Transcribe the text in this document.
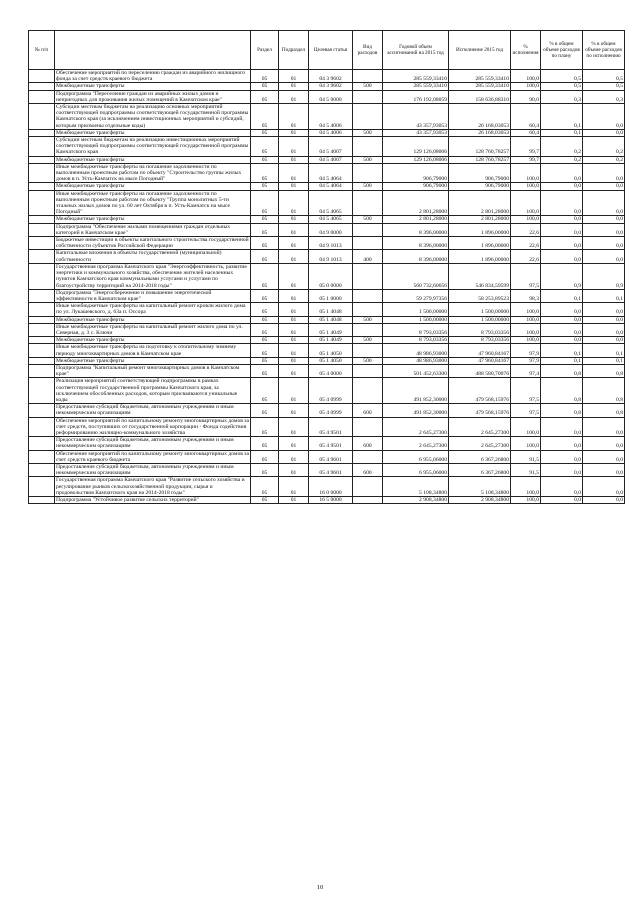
№ п/п		Раздел	Подраздел	Целевая статья	Вид расходов	Годовой объем ассигнований на 2015 год	Исполнение 2015 год	% исполнения	% в общем объеме расходов по плану	% в общем объеме расходов по исполнению
	Обеспечение мероприятий по переселению граждан из аварийного жилищного фонда за счет средств краевого бюджета	05	01	04 3 9602		285 559,33410	285 559,33410	100,0	0,5	0,5
	Межбюджетные трансферты	05	01	04 3 9602	500	285 559,33410	285 559,33410	100,0	0,5	0,5
	Подпрограмма "Переселение граждан из аварийных жилых домов и непригодных для проживания жилых помещений в Камчатском крае"	05	01	04 5 0000		176 192,08059	158 636,88310	90,0	0,3	0,3
	Субсидии местным бюджетам на реализацию основных мероприятий соответствующей подпрограммы соответствующей государственной программы Камчатского края (за исключением инвестиционных мероприятий и субсидий, которым присвоены отдельные коды)	05	01	04 5 4006		43 357,93053	26 168,03053	60,4	0,1	0,0
	Межбюджетные трансферты	05	01	04 5 4006	500	43 357,93053	26 168,03053	60,4	0,1	0,0
	Субсидии местным бюджетам на реализацию инвестиционных мероприятий соответствующей подпрограммы соответствующей государственной программы Камчатского края	05	01	04 5 4007		129 126,08006	128 760,78257	99,7	0,2	0,2
	Межбюджетные трансферты	05	01	04 5 4007	500	129 126,08006	128 760,78257	99,7	0,2	0,2
	Иные межбюджетные трансферты на погашение задолженности по выполненным проектным работам по объекту "Строительство группы жилых домов в п. Усть-Камчатск на мысе Погодный"	05	01	04 5 4064		906,79000	906,79000	100,0	0,0	0,0
	Межбюджетные трансферты	05	01	04 5 4064	500	906,79000	906,79000	100,0	0,0	0,0
	Иные межбюджетные трансферты на погашение задолженности по выполненным проектным работам по объекту "Группа монолитных 5-ти этажных жилых домов по ул. 60 лет Октября в п. Усть-Камчатск на мысе Погодный"	05	01	04 5 4065		2 801,28000	2 801,28000	100,0	0,0	0,0
	Межбюджетные трансферты	05	01	04 5 4065	500	2 801,28000	2 801,28000	100,0	0,0	0,0
	Подпрограмма "Обеспечение жилыми помещениями граждан отдельных категорий в Камчатском крае"	05	01	04 9 0000		8 396,00000	1 896,00000	22,6	0,0	0,0
	Бюджетные инвестиции в объекты капитального строительства государственной собственности субъектов Российской Федерации	05	01	04 9 1013		8 396,00000	1 896,00000	22,6	0,0	0,0
	Капитальные вложения в объекты государственной (муниципальной) собственности	05	01	04 9 1013	400	8 396,00000	1 896,00000	22,6	0,0	0,0
	Государственная программа Камчатского края "Энергоэффективность, развитие энергетики и коммунального хозяйства, обеспечение жителей населенных пунктов Камчатского края коммунальными услугами и услугами по благоустройству территорий на 2014-2018 годы"	05	01	05 0 0000		560 732,60656	546 834,59599	97,5	0,9	0,9
	Подпрограмма "Энергосбережение и повышение энергетической эффективности в Камчатском крае"	05	01	05 1 0000		59 279,97356	58 253,89523	98,3	0,1	0,1
	Иные межбюджетные трансферты на капитальный ремонт кровли жилого дома по ул. Лукашевского, д. 63а п. Оссора	05	01	05 1 4048		1 500,00000	1 500,00000	100,0	0,0	0,0
	Межбюджетные трансферты	05	01	05 1 4048	500	1 500,00000	1 500,00000	100,0	0,0	0,0
	Иные межбюджетные трансферты на капитальный ремонт жилого дома по ул. Северная, д. 3 с. Ключи	05	01	05 1 4049		8 793,03356	8 793,03356	100,0	0,0	0,0
	Межбюджетные трансферты	05	01	05 1 4049	500	8 793,03356	8 793,03356	100,0	0,0	0,0
	Иные межбюджетные трансферты на подготовку к отопительному зимнему периоду многоквартирных домов в Камчатском крае	05	01	05 1 4050		48 986,93000	47 960,84167	97,9	0,1	0,1
	Межбюджетные трансферты	05	01	05 1 4050	500	48 986,93000	47 960,84167	97,9	0,1	0,1
	Подпрограмма "Капитальный ремонт многоквартирных домов в Камчатском крае"	05	01	05 4 0000		501 452,63300	488 580,70076	97,4	0,8	0,8
	Реализация мероприятий соответствующей подпрограммы в рамках соответствующей государственной программы Камчатского края, за исключением обособленных расходов, которым присваиваются уникальные коды	05	01	05 4 0999		491 852,30000	479 568,15976	97,5	0,8	0,8
	Предоставление субсидий бюджетным, автономным учреждениям и иным некоммерческим организациям	05	01	05 4 0999	600	491 852,30000	479 568,15976	97,5	0,8	0,8
	Обеспечение мероприятий по капитальному ремонту многоквартирных домов за счет средств, поступивших от государственной корпорации - Фонда содействия реформированию жилищно-коммунального хозяйства	05	01	05 4 9501		2 645,27300	2 645,27300	100,0	0,0	0,0
	Предоставление субсидий бюджетным, автономным учреждениям и иным некоммерческим организациям	05	01	05 4 9501	600	2 645,27300	2 645,27300	100,0	0,0	0,0
	Обеспечение мероприятий по капитальному ремонту многоквартирных домов за счет средств краевого бюджета	05	01	05 4 9601		6 955,06000	6 367,26800	91,5	0,0	0,0
	Предоставление субсидий бюджетным, автономным учреждениям и иным некоммерческим организациям	05	01	05 4 9601	600	6 955,06000	6 367,26800	91,5	0,0	0,0
	Государственная программа Камчатского края "Развитие сельского хозяйства и регулирование рынков сельскохозяйственной продукции, сырья и продовольствия Камчатского края на 2014-2018 годы"	05	01	16 0 0000		5 108,34800	5 108,34800	100,0	0,0	0,0
	Подпрограмма "Устойчивое развитие сельских территорий"	05	01	16 5 0000		2 908,34800	2 908,34800	100,0	0,0	0,0
10
